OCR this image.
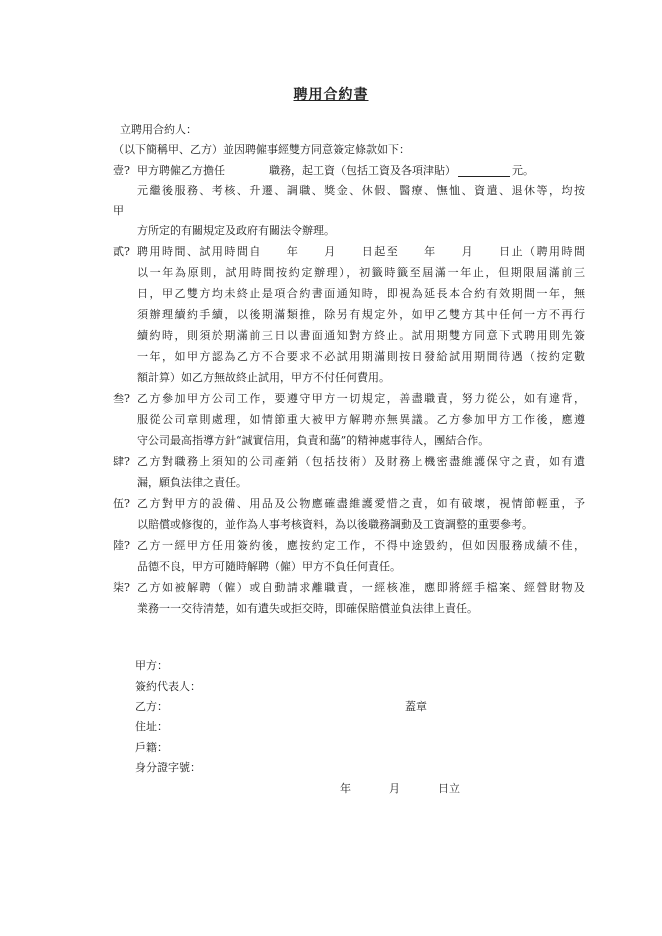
聘用合約書
立聘用合約人：
（以下簡稱甲、乙方）並因聘僱事經雙方同意簽定條款如下：
壹? 甲方聘僱乙方擔任　　　　職務，起工資（包括工資及各項津貼）	元。
元繼後服務、考核、升遷、調職、獎金、休假、醫療、憮恤、資遣、退休等，均按
甲
方所定的有關規定及政府有關法令辦理。
貳? 聘用時間、試用時間自　　年　　月　　日起至　　年　　月　　日止（聘用時間
以一年為原則，試用時間按約定辦理），初籤時籤至屆滿一年止，但期限屆滿前三
日，甲乙雙方均未終止是項合約書面通知時，即視為延長本合約有效期間一年，無
須辦理續約手續，以後期滿類推，除另有規定外，如甲乙雙方其中任何一方不再行
續約時，則須於期滿前三日以書面通知對方終止。試用期雙方同意下式聘用則先簽
一年，如甲方認為乙方不合要求不必試用期滿則按日發給試用期間待遇（按約定數
額計算）如乙方無故終止試用，甲方不付任何費用。
叁? 乙方參加甲方公司工作，要遵守甲方一切規定，善盡職責，努力從公，如有違背，
服從公司章則處理，如情節重大被甲方解聘亦無異議。乙方參加甲方工作後，應遵
守公司最高指導方針“誠實信用，負責和藹”的精神處事待人，團結合作。
肆? 乙方對職務上須知的公司產銷（包括技術）及財務上機密盡維護保守之責，如有遺
漏，願負法律之責任。
伍? 乙方對甲方的設備、用品及公物應確盡維護愛惜之責，如有破壞，視情節輕重，予
以賠償或修復的，並作為人事考核資料，為以後職務調動及工資調整的重要參考。
陸? 乙方一經甲方任用簽約後，應按約定工作，不得中途毀約，但如因服務成績不佳，
品德不良，甲方可隨時解聘（僱）甲方不負任何責任。
柒? 乙方如被解聘（僱）或自動請求離職責，一經核准，應即將經手檔案、經營財物及
業務一一交待清楚，如有遺失或拒交時，即確保賠償並負法律上責任。
甲方：
簽約代表人：
乙方：	蓋章
住址：
戶籍：
身分證字號：
年	月	日立
